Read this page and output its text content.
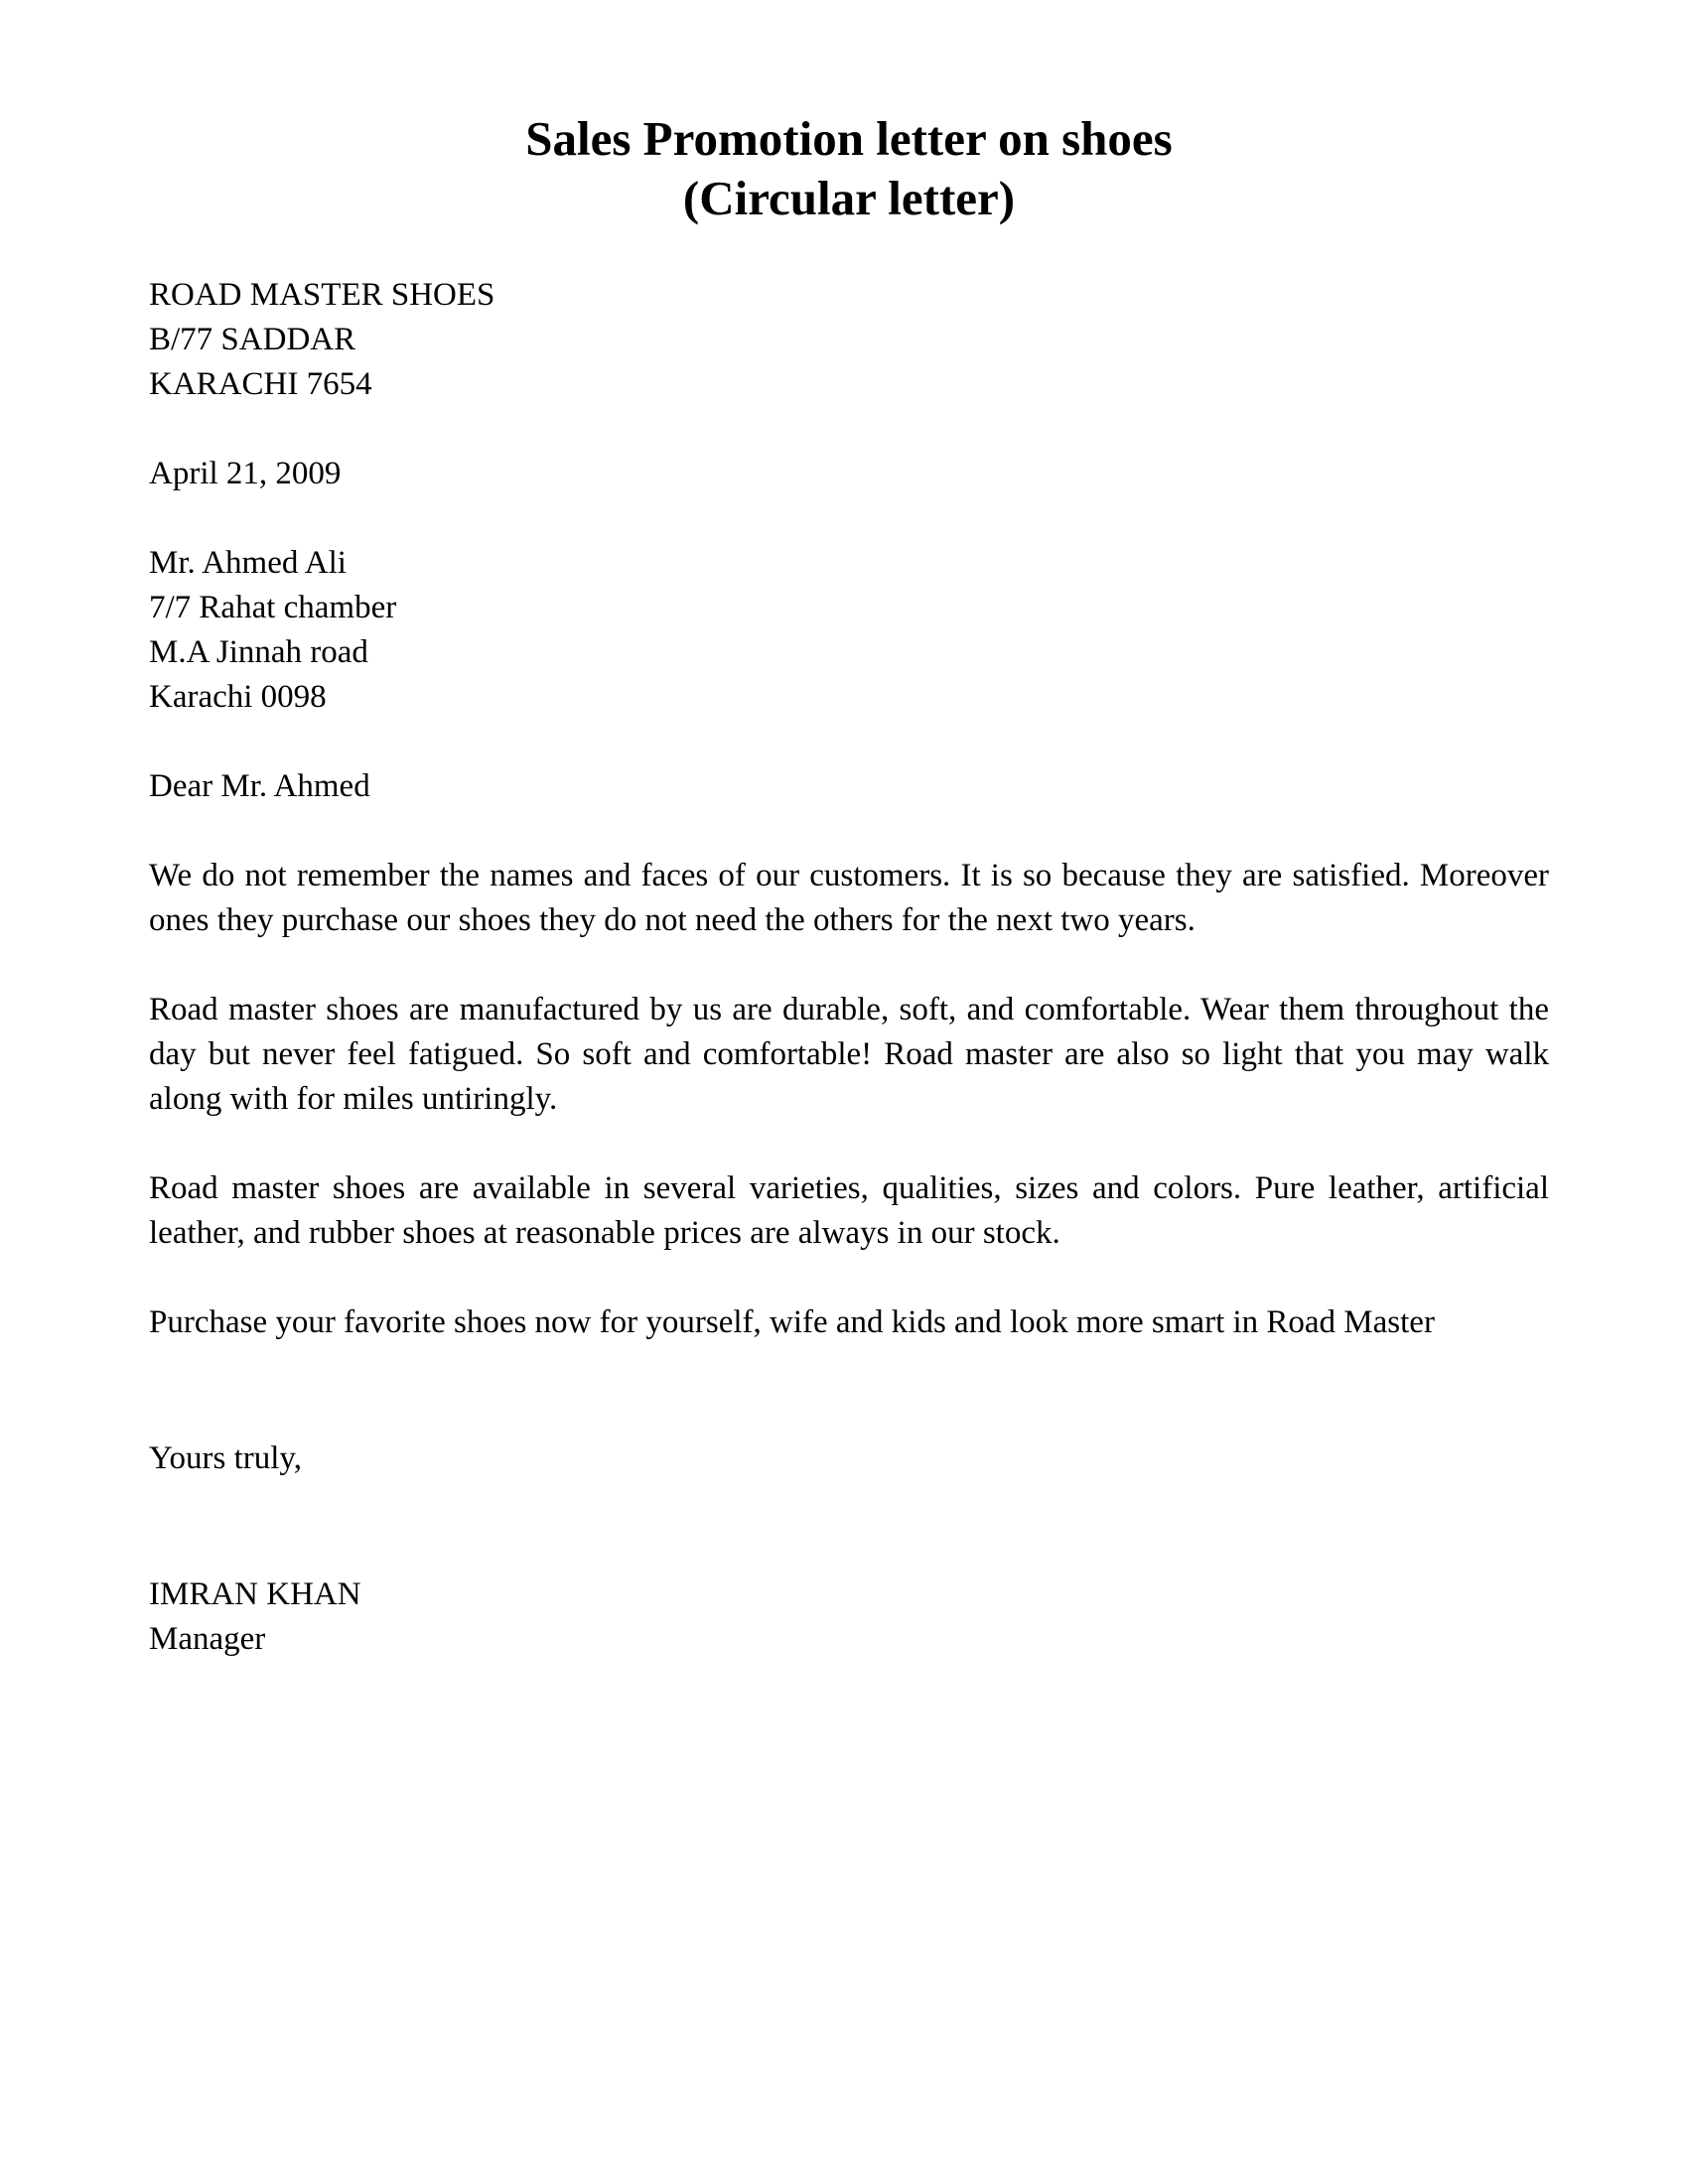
Sales Promotion letter on shoes
(Circular letter)
ROAD MASTER SHOES
B/77 SADDAR
KARACHI 7654
April 21, 2009
Mr. Ahmed Ali
7/7 Rahat chamber
M.A Jinnah road
Karachi 0098
Dear Mr. Ahmed
We do not remember the names and faces of our customers. It is so because they are satisfied. Moreover ones they purchase our shoes they do not need the others for the next two years.
Road master shoes are manufactured by us are durable, soft, and comfortable. Wear them throughout the day but never feel fatigued. So soft and comfortable! Road master are also so light that you may walk along with for miles untiringly.
Road master shoes are available in several varieties, qualities, sizes and colors. Pure leather, artificial leather, and rubber shoes at reasonable prices are always in our stock.
Purchase your favorite shoes now for yourself, wife and kids and look more smart in Road Master
Yours truly,
IMRAN KHAN
Manager
